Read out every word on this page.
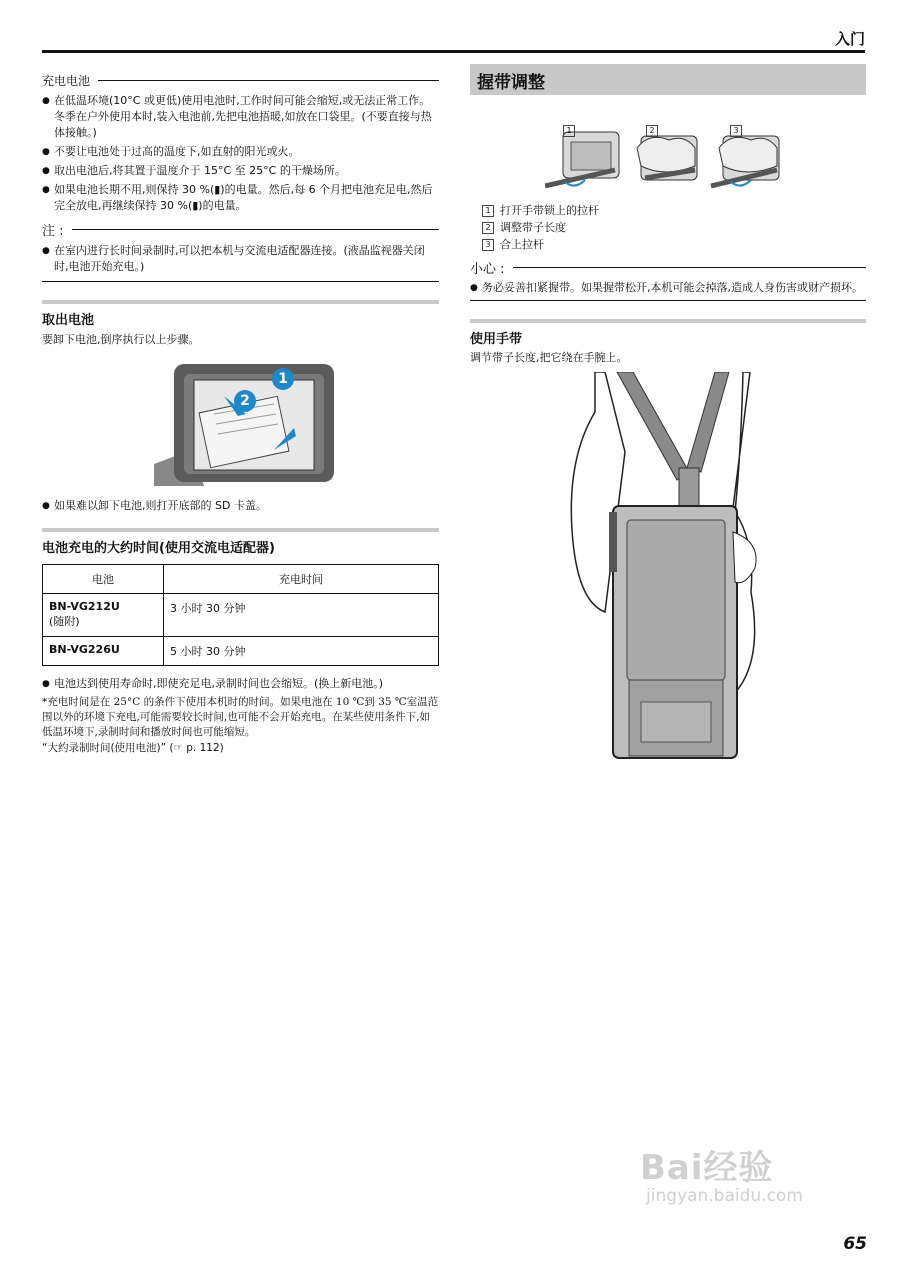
入门
充电电池
● 在低温环境(10°C 或更低)使用电池时,工作时间可能会缩短,或无法正常工作。冬季在户外使用本时,装入电池前,先把电池捂暖,如放在口袋里。(不要直接与热体接触。)
● 不要让电池处于过高的温度下,如直射的阳光或火。
● 取出电池后,将其置于温度介于 15°C 至 25°C 的干燥场所。
● 如果电池长期不用,则保持 30 %(▮)的电量。然后,每 6 个月把电池充足电,然后完全放电,再继续保持 30 %(▮)的电量。
注 :
● 在室内进行长时间录制时,可以把本机与交流电适配器连接。(液晶监视器关闭时,电池开始充电。)
取出电池
要卸下电池,倒序执行以上步骤。
1
2
● 如果难以卸下电池,则打开底部的 SD 卡盖。
电池充电的大约时间(使用交流电适配器)
电池	充电时间

BN-VG212U
(随附)	3 小时 30 分钟
BN-VG226U	5 小时 30 分钟
● 电池达到使用寿命时,即使充足电,录制时间也会缩短。(换上新电池。)
*充电时间是在 25°C 的条件下使用本机时的时间。如果电池在 10 ℃到 35 ℃室温范围以外的环境下充电,可能需要较长时间,也可能不会开始充电。在某些使用条件下,如低温环境下,录制时间和播放时间也可能缩短。
“大约录制时间(使用电池)” (☞ p. 112)
握带调整
1	2	3
1 打开手带锁上的拉杆
2 调整带子长度
3 合上拉杆
小心 :
● 务必妥善扣紧握带。如果握带松开,本机可能会掉落,造成人身伤害或财产损坏。
使用手带
调节带子长度,把它绕在手腕上。
Bai经验
jingyan.baidu.com
65
